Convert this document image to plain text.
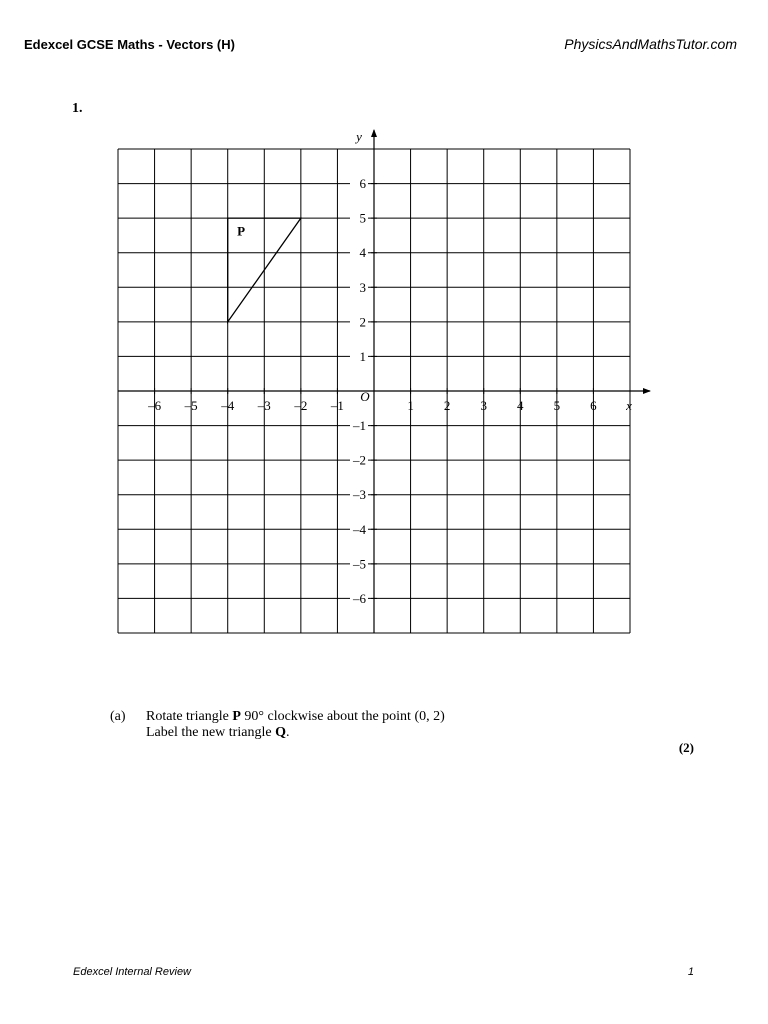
Edexcel GCSE Maths - Vectors (H)	PhysicsAndMathsTutor.com
1.
–6 –5 –4 –3 –2 –1	1 2 3 4 5 6
6
5
4
3
2
1
–1
–2
–3
–4
–5
–6
x
y
O
P
(a) Rotate triangle P 90° clockwise about the point (0, 2)
Label the new triangle Q.
(2)
Edexcel Internal Review	1
